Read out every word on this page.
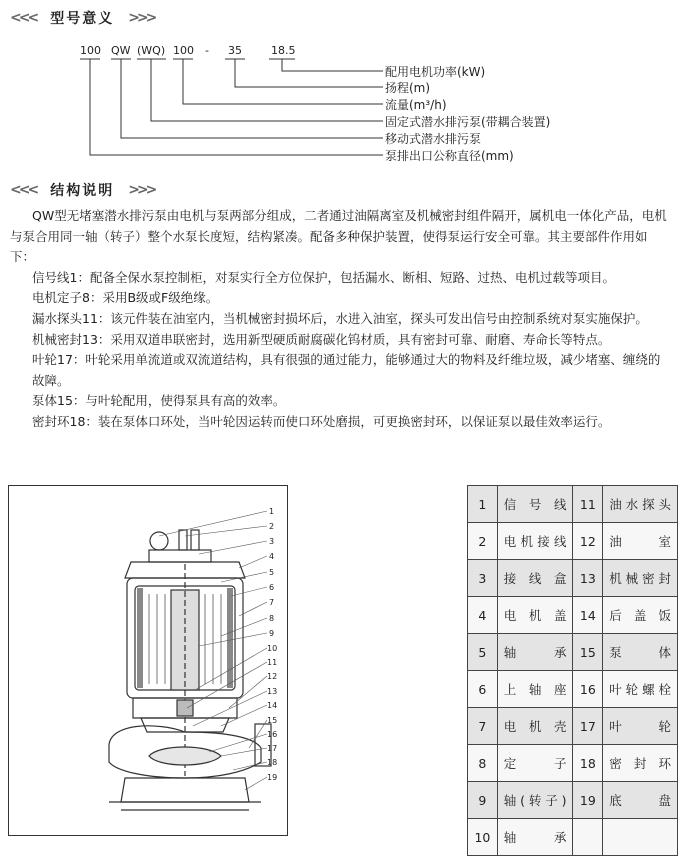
<<< 型号意义 >>>
100 QW (WQ) 100 - 35	18.5
配用电机功率(kW)
扬程(m)
流量(m³/h)
固定式潜水排污泵(带耦合装置)
移动式潜水排污泵
泵排出口公称直径(mm)
<<< 结构说明 >>>

QW型无堵塞潜水排污泵由电机与泵两部分组成，二者通过油隔离室及机械密封组件隔开，属机电一体化产品，电机与泵合用同一轴（转子）整个水泵长度短，结构紧凑。配备多种保护装置，使得泵运行安全可靠。其主要部件作用如下：

信号线1：配备全保水泵控制柜，对泵实行全方位保护，包括漏水、断相、短路、过热、电机过载等项目。

电机定子8：采用B级或F级绝缘。

漏水探头11：该元件装在油室内，当机械密封损坏后，水进入油室，探头可发出信号由控制系统对泵实施保护。

机械密封13：采用双道串联密封，选用新型硬质耐腐碳化钨材质，具有密封可靠、耐磨、寿命长等特点。

叶轮17：叶轮采用单流道或双流道结构，具有很强的通过能力，能够通过大的物料及纤维垃圾，减少堵塞、缠绕的故障。

泵体15：与叶轮配用，使得泵具有高的效率。

密封环18：装在泵体口环处，当叶轮因运转而使口环处磨损，可更换密封环，以保证泵以最佳效率运行。

1
2
3
4
5
6
7
8
9
10
11
12
13
14
15
16
17
18
19
1	信号线	11	油水探头
2	电机接线	12	油室
3	接线盒	13	机械密封
4	电机盖	14	后盖饭
5	轴承	15	泵体
6	上轴座	16	叶轮螺栓
7	电机壳	17	叶轮
8	定子	18	密封环
9	轴(转子)	19	底盘
10	轴承		
